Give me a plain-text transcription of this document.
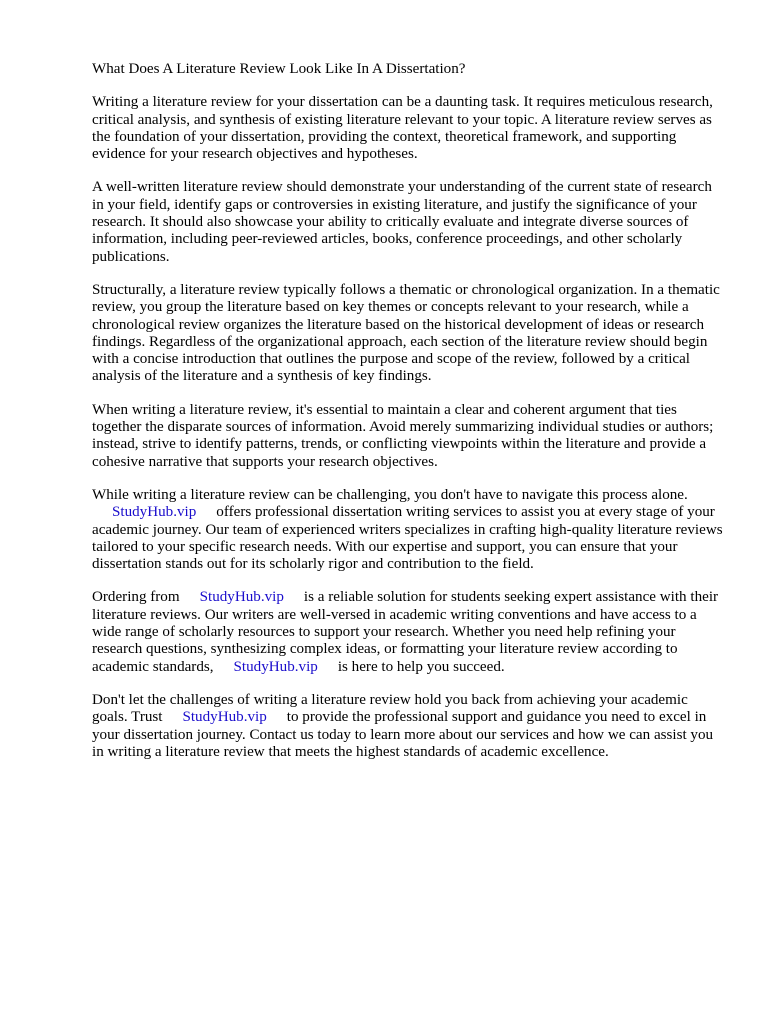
What Does A Literature Review Look Like In A Dissertation?

Writing a literature review for your dissertation can be a daunting task. It requires meticulous research, critical analysis, and synthesis of existing literature relevant to your topic. A literature review serves as the foundation of your dissertation, providing the context, theoretical framework, and supporting evidence for your research objectives and hypotheses.

A well-written literature review should demonstrate your understanding of the current state of research in your field, identify gaps or controversies in existing literature, and justify the significance of your research. It should also showcase your ability to critically evaluate and integrate diverse sources of information, including peer-reviewed articles, books, conference proceedings, and other scholarly publications.

Structurally, a literature review typically follows a thematic or chronological organization. In a thematic review, you group the literature based on key themes or concepts relevant to your research, while a chronological review organizes the literature based on the historical development of ideas or research findings. Regardless of the organizational approach, each section of the literature review should begin with a concise introduction that outlines the purpose and scope of the review, followed by a critical analysis of the literature and a synthesis of key findings.

When writing a literature review, it's essential to maintain a clear and coherent argument that ties together the disparate sources of information. Avoid merely summarizing individual studies or authors; instead, strive to identify patterns, trends, or conflicting viewpoints within the literature and provide a cohesive narrative that supports your research objectives.

While writing a literature review can be challenging, you don't have to navigate this process alone.
StudyHub.vip offers professional dissertation writing services to assist you at every stage of your academic journey. Our team of experienced writers specializes in crafting high-quality literature reviews tailored to your specific research needs. With our expertise and support, you can ensure that your dissertation stands out for its scholarly rigor and contribution to the field.

Ordering from StudyHub.vip is a reliable solution for students seeking expert assistance with their literature reviews. Our writers are well-versed in academic writing conventions and have access to a wide range of scholarly resources to support your research. Whether you need help refining your research questions, synthesizing complex ideas, or formatting your literature review according to academic standards, StudyHub.vip is here to help you succeed.

Don't let the challenges of writing a literature review hold you back from achieving your academic goals. Trust StudyHub.vip to provide the professional support and guidance you need to excel in your dissertation journey. Contact us today to learn more about our services and how we can assist you in writing a literature review that meets the highest standards of academic excellence.
